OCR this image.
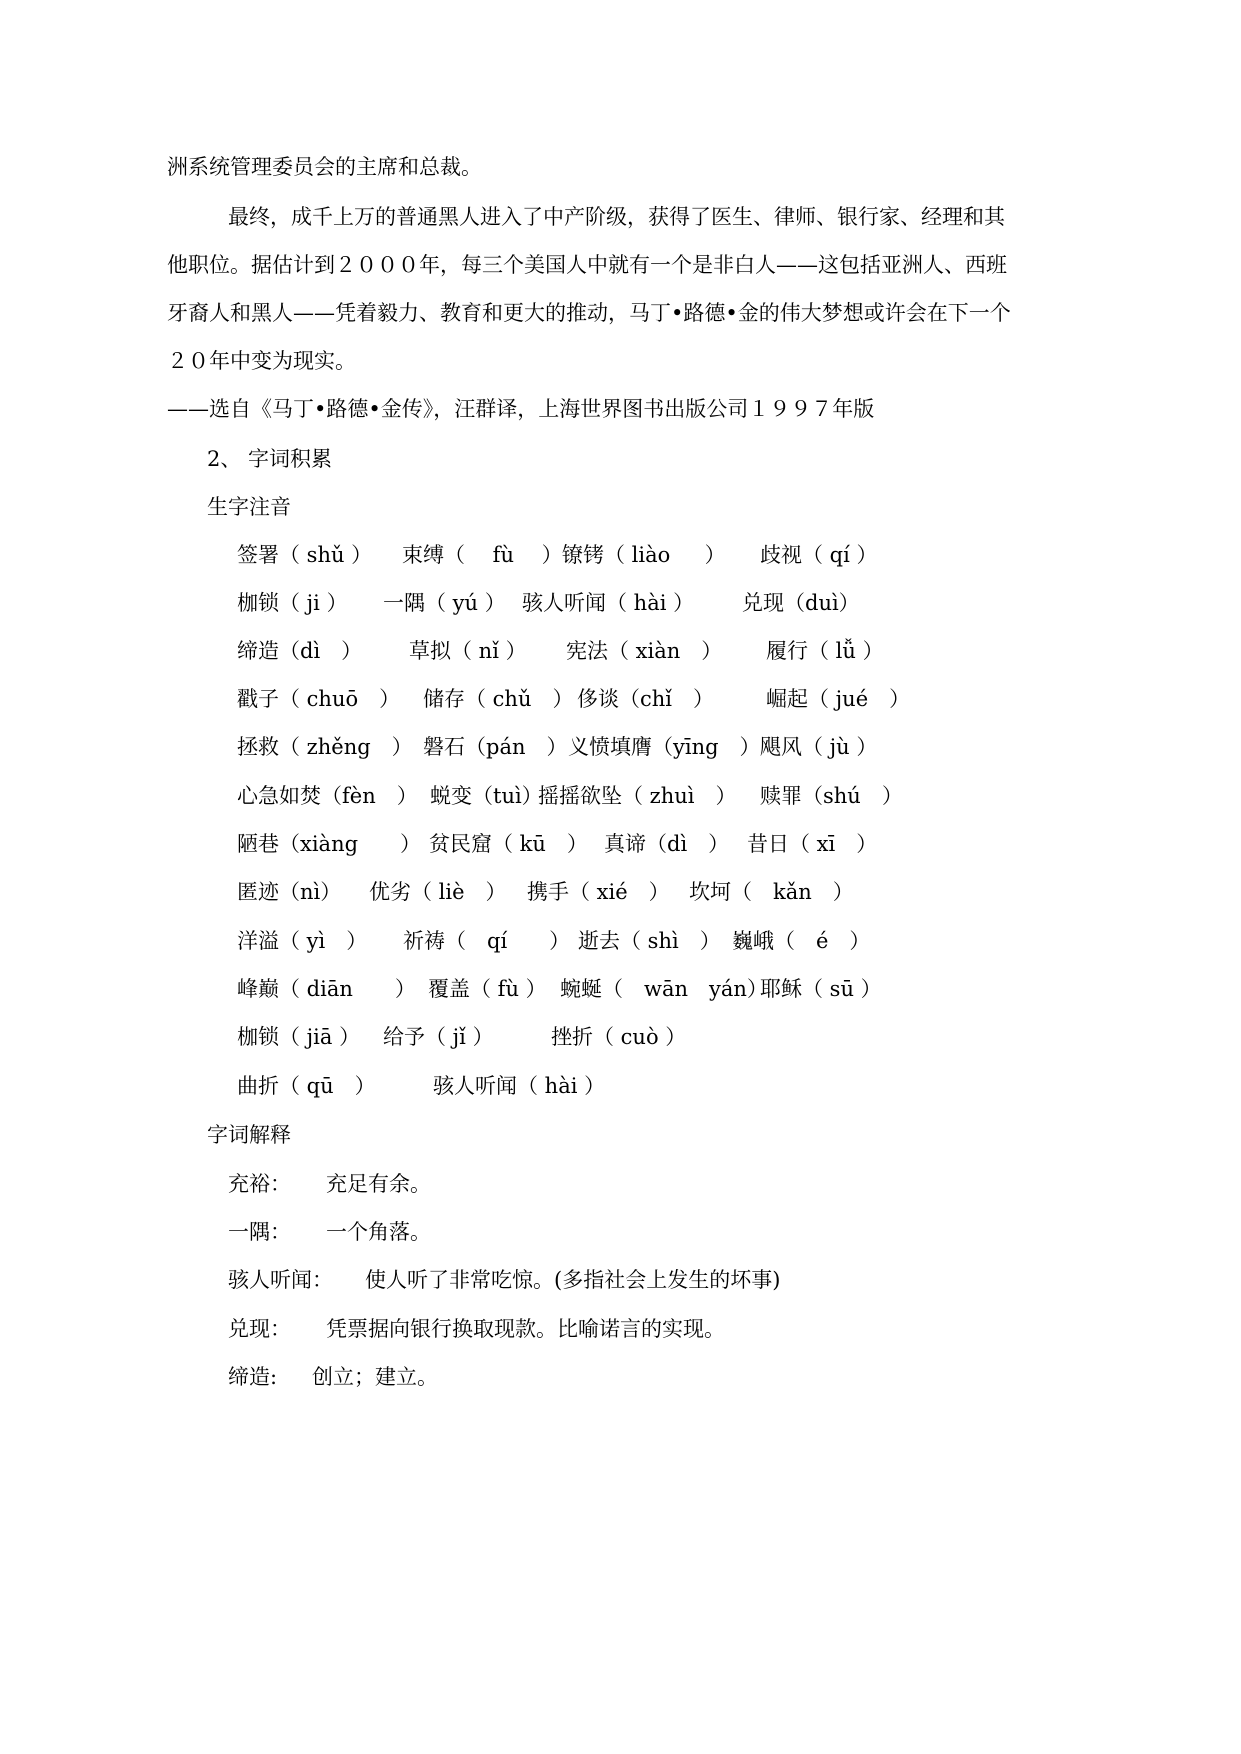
洲系统管理委员会的主席和总裁。
最终，成千上万的普通黑人进入了中产阶级，获得了医生、律师、银行家、经理和其
他职位。据估计到２０００年，每三个美国人中就有一个是非白人——这包括亚洲人、西班
牙裔人和黑人——凭着毅力、教育和更大的推动，马丁•路德•金的伟大梦想或许会在下一个
２０年中变为现实。
——选自《马丁•路德•金传》，汪群译，上海世界图书出版公司１９９７年版
2、 字词积累
生字注音
签署（ shǔ ） 束缚（　 fù 　） 镣铐（ liào 　 ） 歧视（ qí ）
枷锁（ ji ） 一隅（ yú ） 骇人听闻（ hài ） 兑现（duì）
缔造（dì　） 草拟（ nǐ ） 宪法（ xiàn　） 履行（ lǚ ）
戳子（ chuō　） 储存（ chǔ　） 侈谈（chǐ　） 崛起（ jué　）
拯救（ zhěng　） 磐石（pán　） 义愤填膺（yīng　） 飓风（ jù ）
心急如焚（fèn　） 蜕变（tuì）
摇摇欲坠（ zhuì　） 赎罪（shú　）
陋巷（xiàng　　） 贫民窟（ kū　） 真谛（dì　） 昔日（ xī　）
匿迹（nì） 优劣（ liè　） 携手（ xié　） 坎坷（　kǎn　）
洋溢（ yì　） 祈祷（　qí　　） 逝去（ shì　） 巍峨（　é　）
峰巅（ diān　　） 覆盖（ fù ） 蜿蜒（　wān　yán）
耶稣（ sū ）
枷锁（ jiā ） 给予（ jǐ ）	挫折（ cuò ）
曲折（ qū　）	骇人听闻（ hài ）
字词解释
充裕： 充足有余。
一隅： 一个角落。
骇人听闻： 使人听了非常吃惊。(多指社会上发生的坏事)
兑现： 凭票据向银行换取现款。比喻诺言的实现。
缔造: 创立；建立。
